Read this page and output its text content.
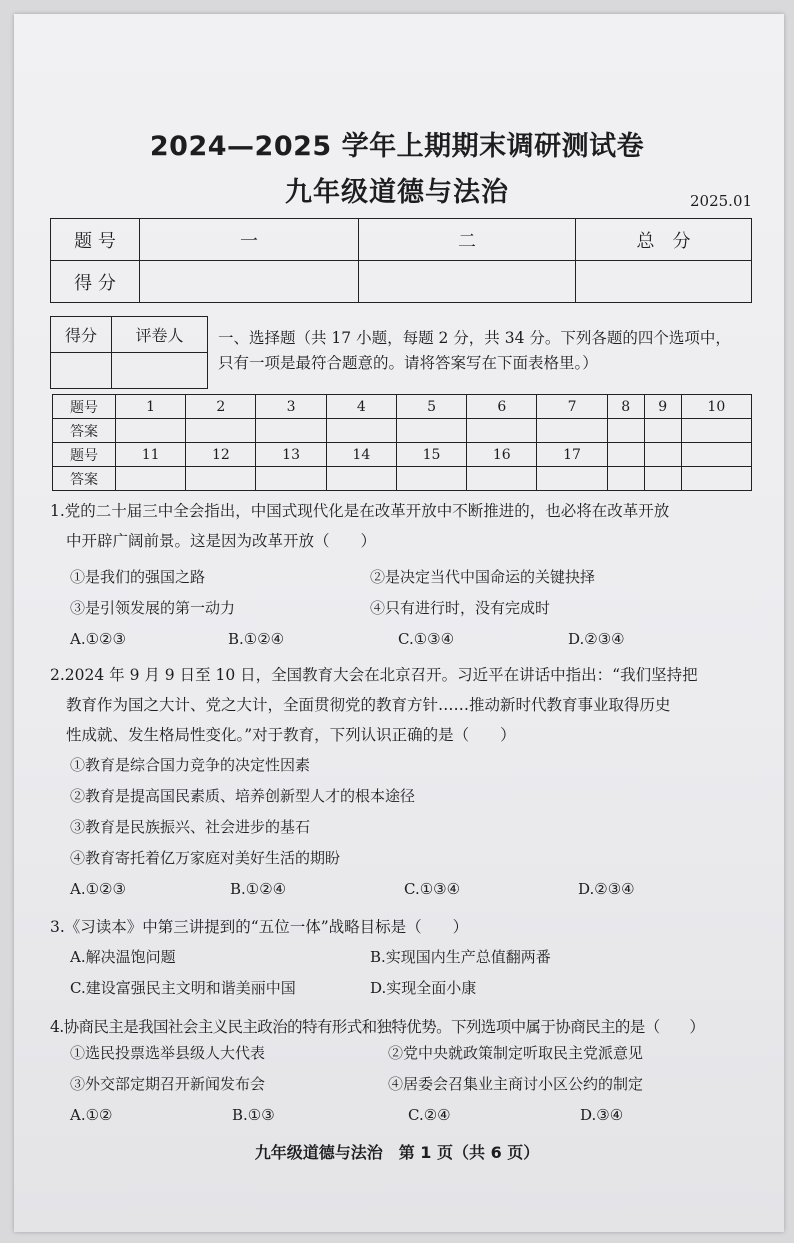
2024—2025 学年上期期末调研测试卷
九年级道德与法治	2025.01
题 号	一	二	总　分
得 分			
得分	评卷人
	一、选择题（共 17 小题，每题 2 分，共 34 分。下列各题的四个选项中，
只有一项是最符合题意的。请将答案写在下面表格里。）
题号	1	2	3	4	5	6	7	8	9	10
答案										
题号	11	12	13	14	15	16	17			
答案										
1.党的二十届三中全会指出，中国式现代化是在改革开放中不断推进的，也必将在改革开放
中开辟广阔前景。这是因为改革开放（　　）
①是我们的强国之路	②是决定当代中国命运的关键抉择
③是引领发展的第一动力	④只有进行时，没有完成时
A.①②③	B.①②④	C.①③④	D.②③④
2.2024 年 9 月 9 日至 10 日，全国教育大会在北京召开。习近平在讲话中指出：“我们坚持把
教育作为国之大计、党之大计，全面贯彻党的教育方针……推动新时代教育事业取得历史
性成就、发生格局性变化。”对于教育，下列认识正确的是（　　）
①教育是综合国力竞争的决定性因素
②教育是提高国民素质、培养创新型人才的根本途径
③教育是民族振兴、社会进步的基石
④教育寄托着亿万家庭对美好生活的期盼
A.①②③	B.①②④	C.①③④	D.②③④
3.《习读本》中第三讲提到的“五位一体”战略目标是（　　）
A.解决温饱问题	B.实现国内生产总值翻两番
C.建设富强民主文明和谐美丽中国	D.实现全面小康
4.协商民主是我国社会主义民主政治的特有形式和独特优势。下列选项中属于协商民主的是（　　）
①选民投票选举县级人大代表	②党中央就政策制定听取民主党派意见
③外交部定期召开新闻发布会	④居委会召集业主商讨小区公约的制定
A.①②	B.①③	C.②④	D.③④
九年级道德与法治　第 1 页（共 6 页）
